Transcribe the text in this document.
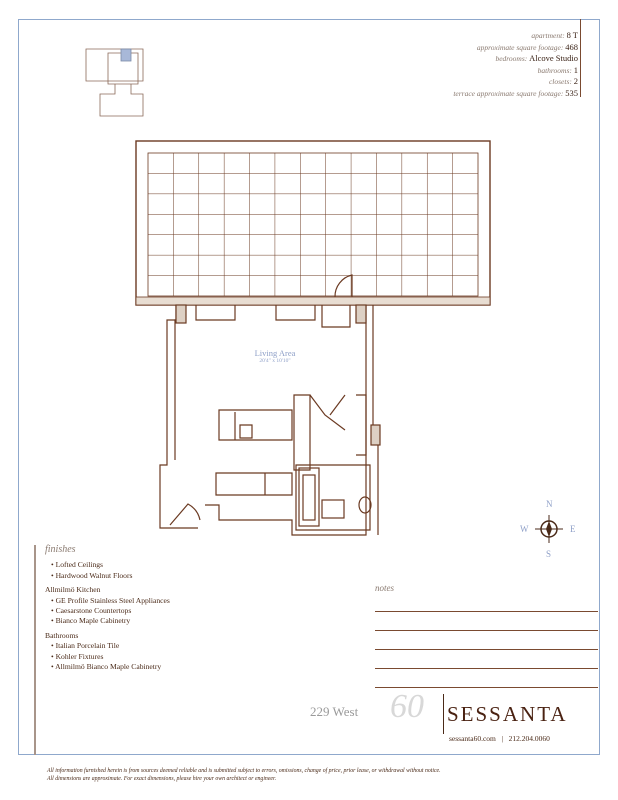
apartment: 8 T
approximate square footage: 468
bedrooms: Alcove Studio
bathrooms: 1
closets: 2
terrace approximate square footage: 535
Living Area
20'4" x 10'10"
N
E
S
W
finishes
• Lofted Ceilings
• Hardwood Walnut Floors
Allmilmö Kitchen
• GE Profile Stainless Steel Appliances
• Caesarstone Countertops
• Bianco Maple Cabinetry
Bathrooms
• Italian Porcelain Tile
• Kohler Fixtures
• Allmilmö Bianco Maple Cabinetry
notes
229 West 60 SESSANTA
sessanta60.com | 212.204.0060
All information furnished herein is from sources deemed reliable and is submitted subject to errors, omissions, change of price, prior lease, or withdrawal without notice.
All dimensions are approximate. For exact dimensions, please hire your own architect or engineer.
